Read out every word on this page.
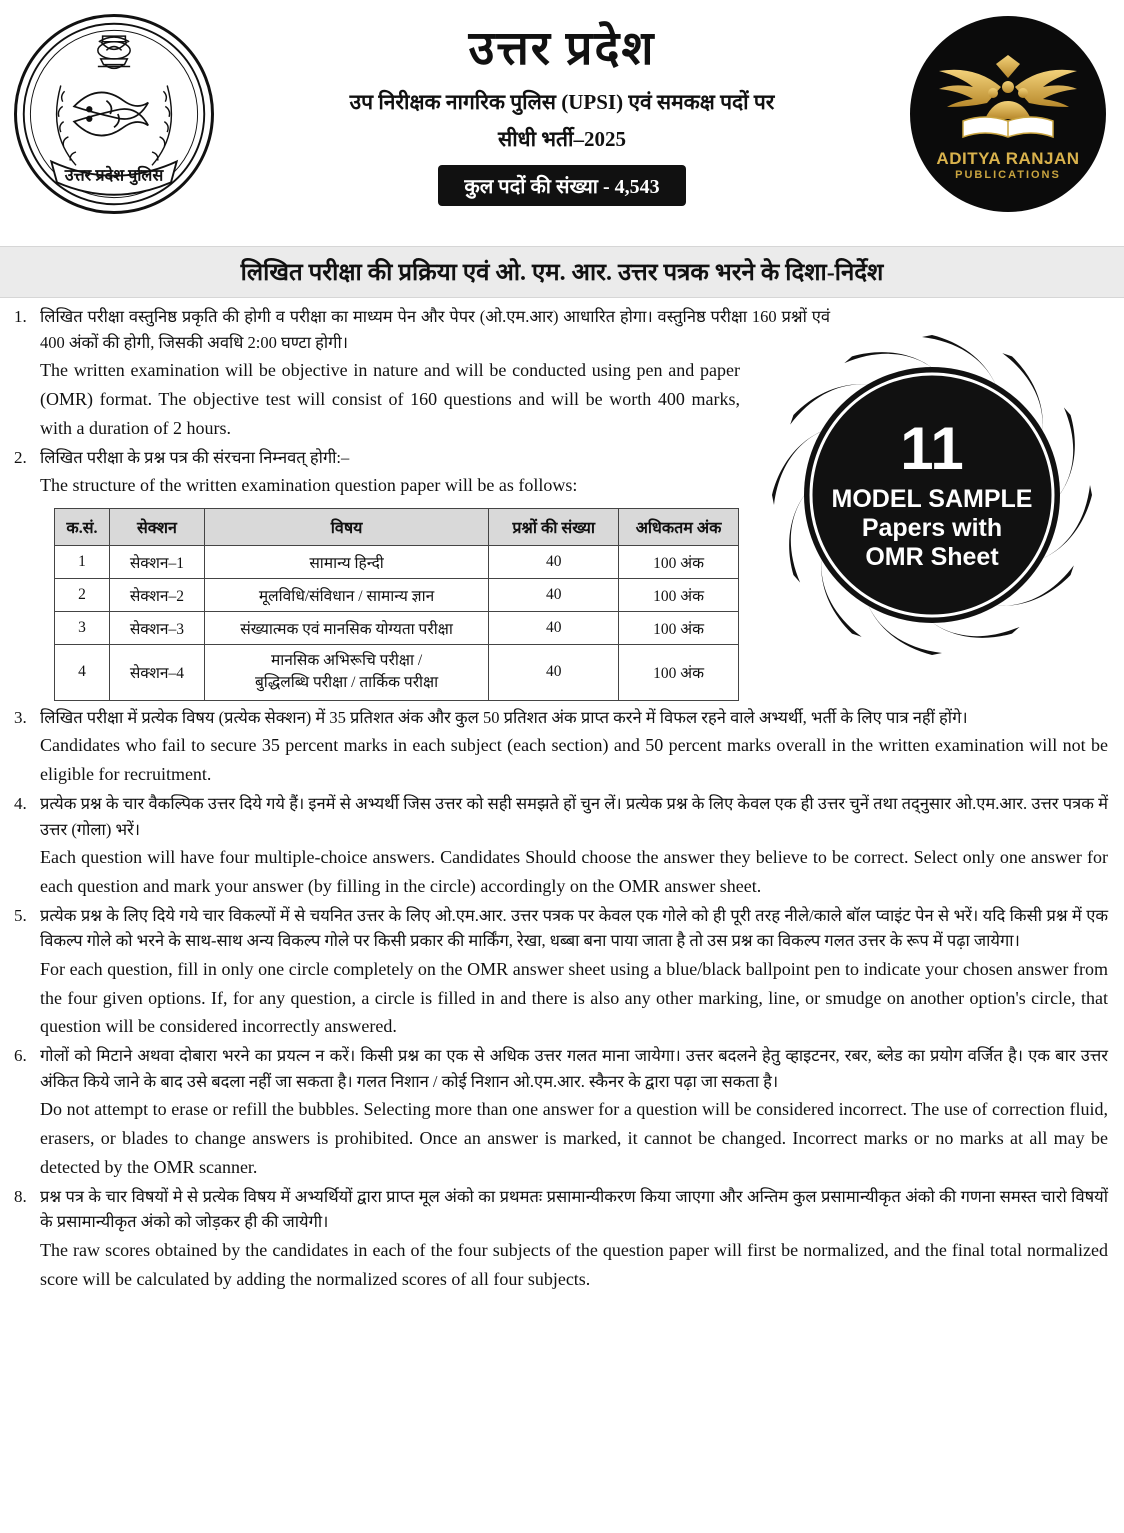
उत्तर प्रदेश पुलिस
उत्तर प्रदेश
उप निरीक्षक नागरिक पुलिस (UPSI) एवं समकक्ष पदों पर
सीधी भर्ती–2025
कुल पदों की संख्या - 4,543
ADITYA RANJAN
PUBLICATIONS
लिखित परीक्षा की प्रक्रिया एवं ओ. एम. आर. उत्तर पत्रक भरने के दिशा-निर्देश
11
MODEL SAMPLE
Papers with
OMR Sheet
1. लिखित परीक्षा वस्तुनिष्ठ प्रकृति की होगी व परीक्षा का माध्यम पेन और पेपर (ओ.एम.आर) आधारित होगा। वस्तुनिष्ठ परीक्षा 160 प्रश्नों एवं 400 अंकों की होगी, जिसकी अवधि 2:00 घण्टा होगी।
The written examination will be objective in nature and will be conducted using pen and paper (OMR) format. The objective test will consist of 160 questions and will be worth 400 marks, with a duration of 2 hours.
2. लिखित परीक्षा के प्रश्न पत्र की संरचना निम्नवत् होगी:–
The structure of the written examination question paper will be as follows:
क.सं.	सेक्शन	विषय	प्रश्नों की संख्या	अधिकतम अंक
1	सेक्शन–1	सामान्य हिन्दी	40	100 अंक
2	सेक्शन–2	मूलविधि/संविधान / सामान्य ज्ञान	40	100 अंक
3	सेक्शन–3	संख्यात्मक एवं मानसिक योग्यता परीक्षा	40	100 अंक
4	सेक्शन–4	मानसिक अभिरूचि परीक्षा /
बुद्धिलब्धि परीक्षा / तार्किक परीक्षा	40	100 अंक
3. लिखित परीक्षा में प्रत्येक विषय (प्रत्येक सेक्शन) में 35 प्रतिशत अंक और कुल 50 प्रतिशत अंक प्राप्त करने में विफल रहने वाले अभ्यर्थी, भर्ती के लिए पात्र नहीं होंगे।
Candidates who fail to secure 35 percent marks in each subject (each section) and 50 percent marks overall in the written examination will not be eligible for recruitment.
4. प्रत्येक प्रश्न के चार वैकल्पिक उत्तर दिये गये हैं। इनमें से अभ्यर्थी जिस उत्तर को सही समझते हों चुन लें। प्रत्येक प्रश्न के लिए केवल एक ही उत्तर चुनें तथा तद्नुसार ओ.एम.आर. उत्तर पत्रक में उत्तर (गोला) भरें।
Each question will have four multiple-choice answers. Candidates Should choose the answer they believe to be correct. Select only one answer for each question and mark your answer (by filling in the circle) accordingly on the OMR answer sheet.
5. प्रत्येक प्रश्न के लिए दिये गये चार विकल्पों में से चयनित उत्तर के लिए ओ.एम.आर. उत्तर पत्रक पर केवल एक गोले को ही पूरी तरह नीले/काले बॉल प्वाइंट पेन से भरें। यदि किसी प्रश्न में एक विकल्प गोले को भरने के साथ-साथ अन्य विकल्प गोले पर किसी प्रकार की मार्किंग, रेखा, धब्बा बना पाया जाता है तो उस प्रश्न का विकल्प गलत उत्तर के रूप में पढ़ा जायेगा।
For each question, fill in only one circle completely on the OMR answer sheet using a blue/black ballpoint pen to indicate your chosen answer from the four given options. If, for any question, a circle is filled in and there is also any other marking, line, or smudge on another option's circle, that question will be considered incorrectly answered.
6. गोलों को मिटाने अथवा दोबारा भरने का प्रयत्न न करें। किसी प्रश्न का एक से अधिक उत्तर गलत माना जायेगा। उत्तर बदलने हेतु व्हाइटनर, रबर, ब्लेड का प्रयोग वर्जित है। एक बार उत्तर अंकित किये जाने के बाद उसे बदला नहीं जा सकता है। गलत निशान / कोई निशान ओ.एम.आर. स्कैनर के द्वारा पढ़ा जा सकता है।
Do not attempt to erase or refill the bubbles. Selecting more than one answer for a question will be considered incorrect. The use of correction fluid, erasers, or blades to change answers is prohibited. Once an answer is marked, it cannot be changed. Incorrect marks or no marks at all may be detected by the OMR scanner.
8. प्रश्न पत्र के चार विषयों मे से प्रत्येक विषय में अभ्यर्थियों द्वारा प्राप्त मूल अंको का प्रथमतः प्रसामान्यीकरण किया जाएगा और अन्तिम कुल प्रसामान्यीकृत अंको की गणना समस्त चारो विषयों के प्रसामान्यीकृत अंको को जोड़कर ही की जायेगी।
The raw scores obtained by the candidates in each of the four subjects of the question paper will first be normalized, and the final total normalized score will be calculated by adding the normalized scores of all four subjects.
